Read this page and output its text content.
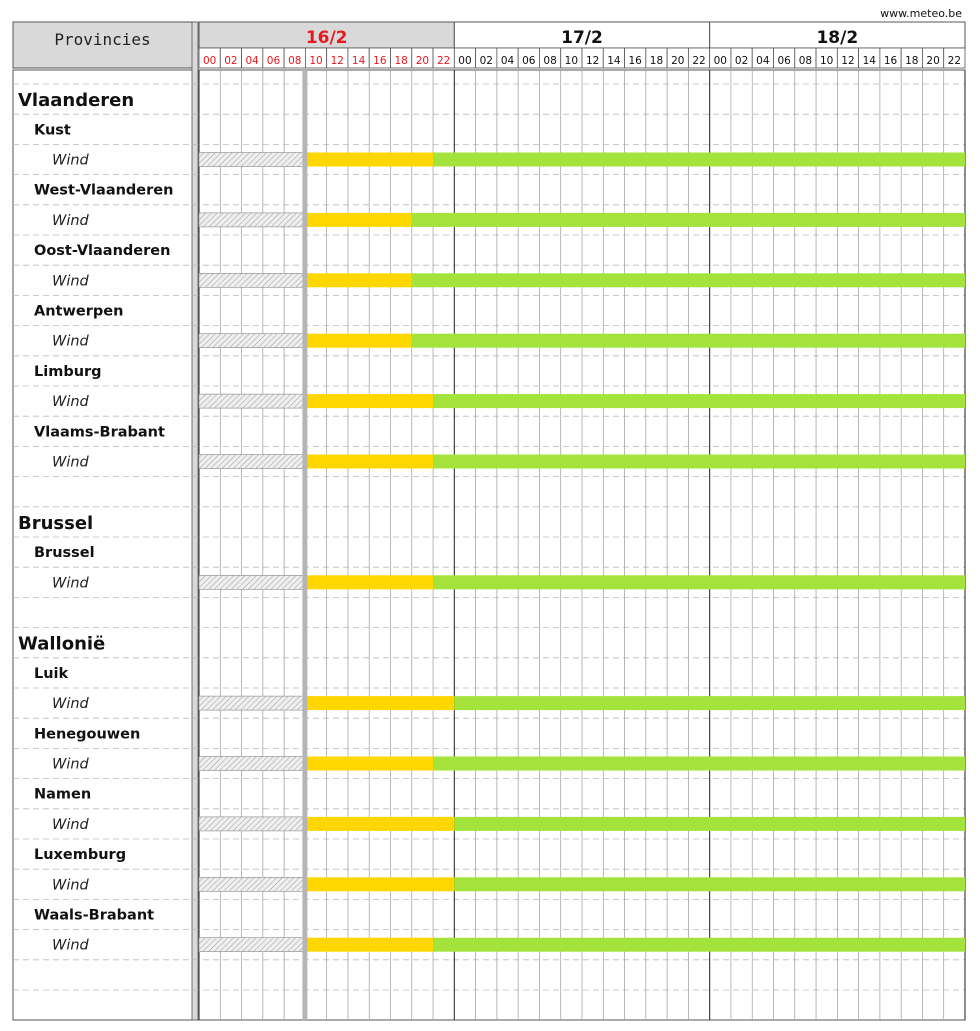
www.meteo.be
Provincies	16/2
00 02 04 06 08 10 12 14 16 18 20 22
17/2
00 02 04 06 08 10 12 14 16 18 20 22
18/2
00 02 04 06 08 10 12 14 16 18 20 22
Vlaanderen
Kust
Wind
West-Vlaanderen
Wind
Oost-Vlaanderen
Wind
Antwerpen
Wind
Limburg
Wind
Vlaams-Brabant
Wind
Brussel
Brussel
Wind
Wallonië
Luik
Wind
Henegouwen
Wind
Namen
Wind
Luxemburg
Wind
Waals-Brabant
Wind
